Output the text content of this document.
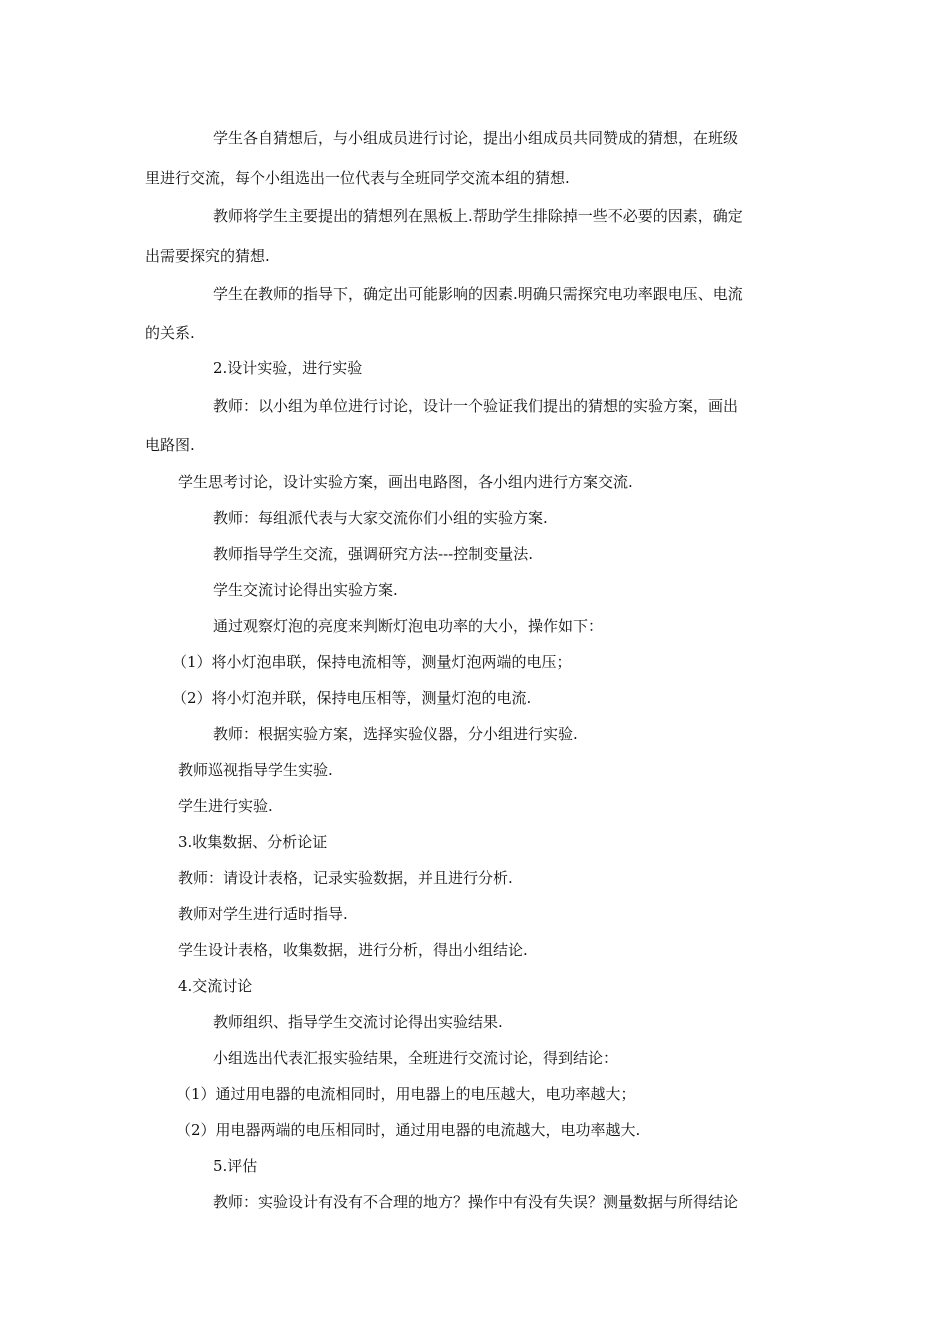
学生各自猜想后，与小组成员进行讨论，提出小组成员共同赞成的猜想，在班级

里进行交流，每个小组选出一位代表与全班同学交流本组的猜想.

教师将学生主要提出的猜想列在黑板上.帮助学生排除掉一些不必要的因素，确定

出需要探究的猜想.

学生在教师的指导下，确定出可能影响的因素.明确只需探究电功率跟电压、电流

的关系.

2.设计实验，进行实验

教师：以小组为单位进行讨论，设计一个验证我们提出的猜想的实验方案，画出

电路图.

学生思考讨论，设计实验方案，画出电路图，各小组内进行方案交流.

教师：每组派代表与大家交流你们小组的实验方案.

教师指导学生交流，强调研究方法---控制变量法.

学生交流讨论得出实验方案.

通过观察灯泡的亮度来判断灯泡电功率的大小，操作如下：

（1）将小灯泡串联，保持电流相等，测量灯泡两端的电压；

（2）将小灯泡并联，保持电压相等，测量灯泡的电流.

教师：根据实验方案，选择实验仪器，分小组进行实验.

教师巡视指导学生实验.

学生进行实验.

3.收集数据、分析论证

教师：请设计表格，记录实验数据，并且进行分析.

教师对学生进行适时指导.

学生设计表格，收集数据，进行分析，得出小组结论.

4.交流讨论

教师组织、指导学生交流讨论得出实验结果.

小组选出代表汇报实验结果，全班进行交流讨论，得到结论：

（1）通过用电器的电流相同时，用电器上的电压越大，电功率越大；

（2）用电器两端的电压相同时，通过用电器的电流越大，电功率越大.

5.评估

教师：实验设计有没有不合理的地方？操作中有没有失误？测量数据与所得结论
